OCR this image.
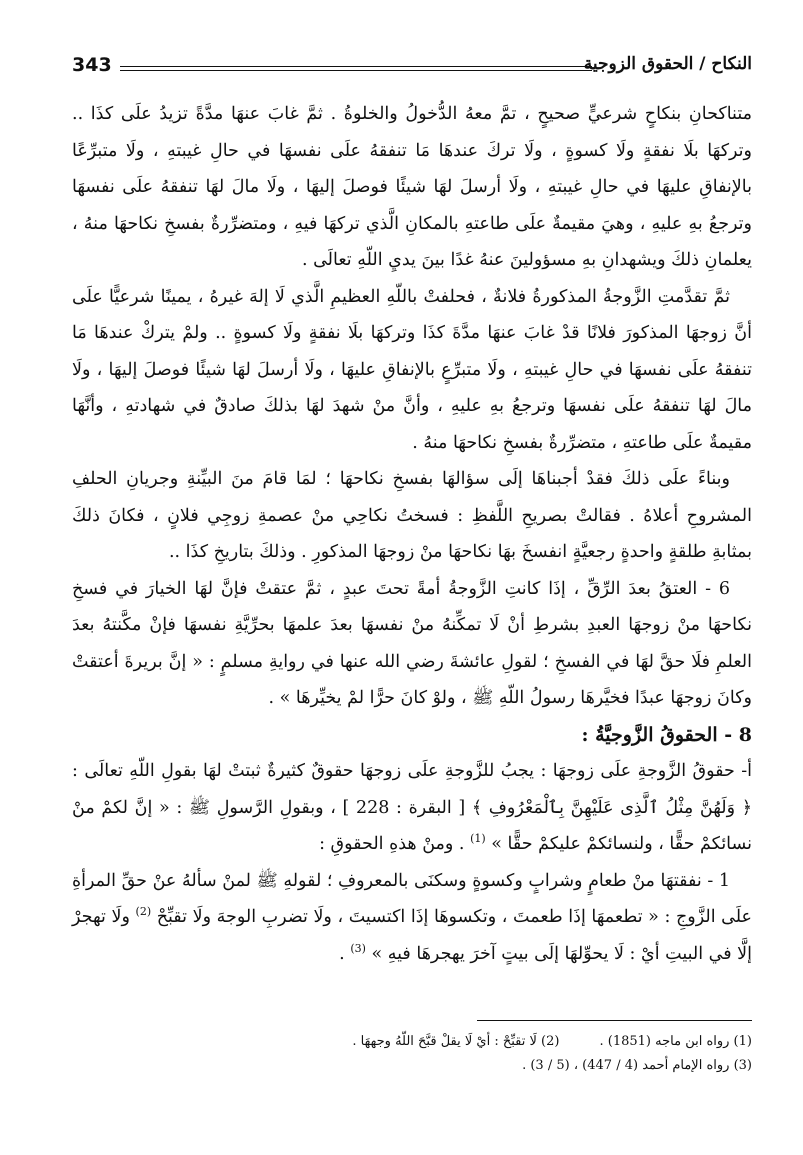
343	النكاح / الحقوق الزوجية

متناكحانِ بنكاحٍ شرعيٍّ صحيحٍ ، تمَّ معهُ الدُّخولُ والخلوةُ . ثمَّ غابَ عنهَا مدَّةً تزيدُ علَى كذَا .. وتركهَا بلَا نفقةٍ ولَا كسوةٍ ، ولَا تركَ عندهَا مَا تنفقهُ علَى نفسهَا في حالِ غيبتهِ ، ولَا متبرِّعًا بالإنفاقِ عليهَا في حالِ غيبتهِ ، ولَا أرسلَ لهَا شيئًا فوصلَ إليهَا ، ولَا مالَ لهَا تنفقهُ علَى نفسهَا وترجعُ بهِ عليهِ ، وهيَ مقيمةٌ علَى طاعتهِ بالمكانِ الَّذي تركهَا فيهِ ، ومتضرِّرةٌ بفسخِ نكاحهَا منهُ ، يعلمانِ ذلكَ ويشهدانِ بهِ مسؤولينَ عنهُ غدًا بينَ يديِ اللّهِ تعالَى .

ثمَّ تقدَّمتِ الزَّوجةُ المذكورةُ فلانةٌ ، فحلفتْ باللّهِ العظيمِ الَّذي لَا إلهَ غيرهُ ، يمينًا شرعيًّا علَى أنَّ زوجهَا المذكورَ فلانًا قدْ غابَ عنهَا مدَّةَ كذَا وتركهَا بلَا نفقةٍ ولَا كسوةٍ .. ولمْ يتركْ عندهَا مَا تنفقهُ علَى نفسهَا في حالِ غيبتهِ ، ولَا متبرِّعٍ بالإنفاقِ عليهَا ، ولَا أرسلَ لهَا شيئًا فوصلَ إليهَا ، ولَا مالَ لهَا تنفقهُ علَى نفسهَا وترجعُ بهِ عليهِ ، وأنَّ منْ شهدَ لهَا بذلكَ صادقٌ في شهادتهِ ، وأنَّهَا مقيمةٌ علَى طاعتهِ ، متضرِّرةٌ بفسخِ نكاحهَا منهُ .

وبناءً علَى ذلكَ فقدْ أجبناهَا إلَى سؤالهَا بفسخِ نكاحهَا ؛ لمَا قامَ منَ البيِّنةِ وجريانِ الحلفِ المشروحِ أعلاهُ . فقالتْ بصريحِ اللَّفظِ : فسختُ نكاحِي منْ عصمةِ زوجِي فلانٍ ، فكانَ ذلكَ بمثابةِ طلقةٍ واحدةٍ رجعيَّةٍ انفسخَ بهَا نكاحهَا منْ زوجهَا المذكورِ . وذلكَ بتاريخِ كذَا ..

6 - العتقُ بعدَ الرِّقِّ ، إذَا كانتِ الزَّوجةُ أمةً تحتَ عبدٍ ، ثمَّ عتقتْ فإنَّ لهَا الخيارَ في فسخِ نكاحهَا منْ زوجهَا العبدِ بشرطِ أنْ لَا تمكِّنهُ منْ نفسهَا بعدَ علمهَا بحرِّيَّةِ نفسهَا فإنْ مكَّنتهُ بعدَ العلمِ فلَا حقَّ لهَا في الفسخِ ؛ لقولِ عائشةَ رضي الله عنها في روايةِ مسلمٍ : « إنَّ بريرةَ أعتقتْ وكانَ زوجهَا عبدًا فخيَّرهَا رسولُ اللّهِ ﷺ ، ولوْ كانَ حرًّا لمْ يخيِّرهَا » .

8 - الحقوقُ الزَّوجيَّةُ :

أ- حقوقُ الزَّوجةِ علَى زوجهَا : يجبُ للزَّوجةِ علَى زوجهَا حقوقٌ كثيرةٌ ثبتتْ لهَا بقولِ اللّهِ تعالَى : ﴿ وَلَهُنَّ مِثْلُ ٱلَّذِى عَلَيْهِنَّ بِٱلْمَعْرُوفِ ﴾ [ البقرة : 228 ] ، وبقولِ الرَّسولِ ﷺ : « إنَّ لكمْ منْ نسائكمْ حقًّا ، ولنسائكمْ عليكمْ حقًّا » $^{(1)}$ . ومنْ هذهِ الحقوقِ :

1 - نفقتهَا منْ طعامٍ وشرابٍ وكسوةٍ وسكنَى بالمعروفِ ؛ لقولهِ ﷺ لمنْ سألهُ عنْ حقِّ المرأةِ علَى الزَّوجِ : « تطعمهَا إذَا طعمتَ ، وتكسوهَا إذَا اكتسيتَ ، ولَا تضربِ الوجهَ ولَا تقبِّحْ $^{(2)}$ ولَا تهجرْ إلَّا في البيتِ أيْ : لَا يحوِّلهَا إلَى بيتٍ آخرَ يهجرهَا فيهِ » $^{(3)}$ .

(1) رواه ابن ماجه (1851) .
(2) لَا تقبِّحْ : أيْ لَا يقلْ قبَّحَ اللّهُ وجههَا .
(3) رواه الإمام أحمد (4 / 447) ، (5 / 3) .
